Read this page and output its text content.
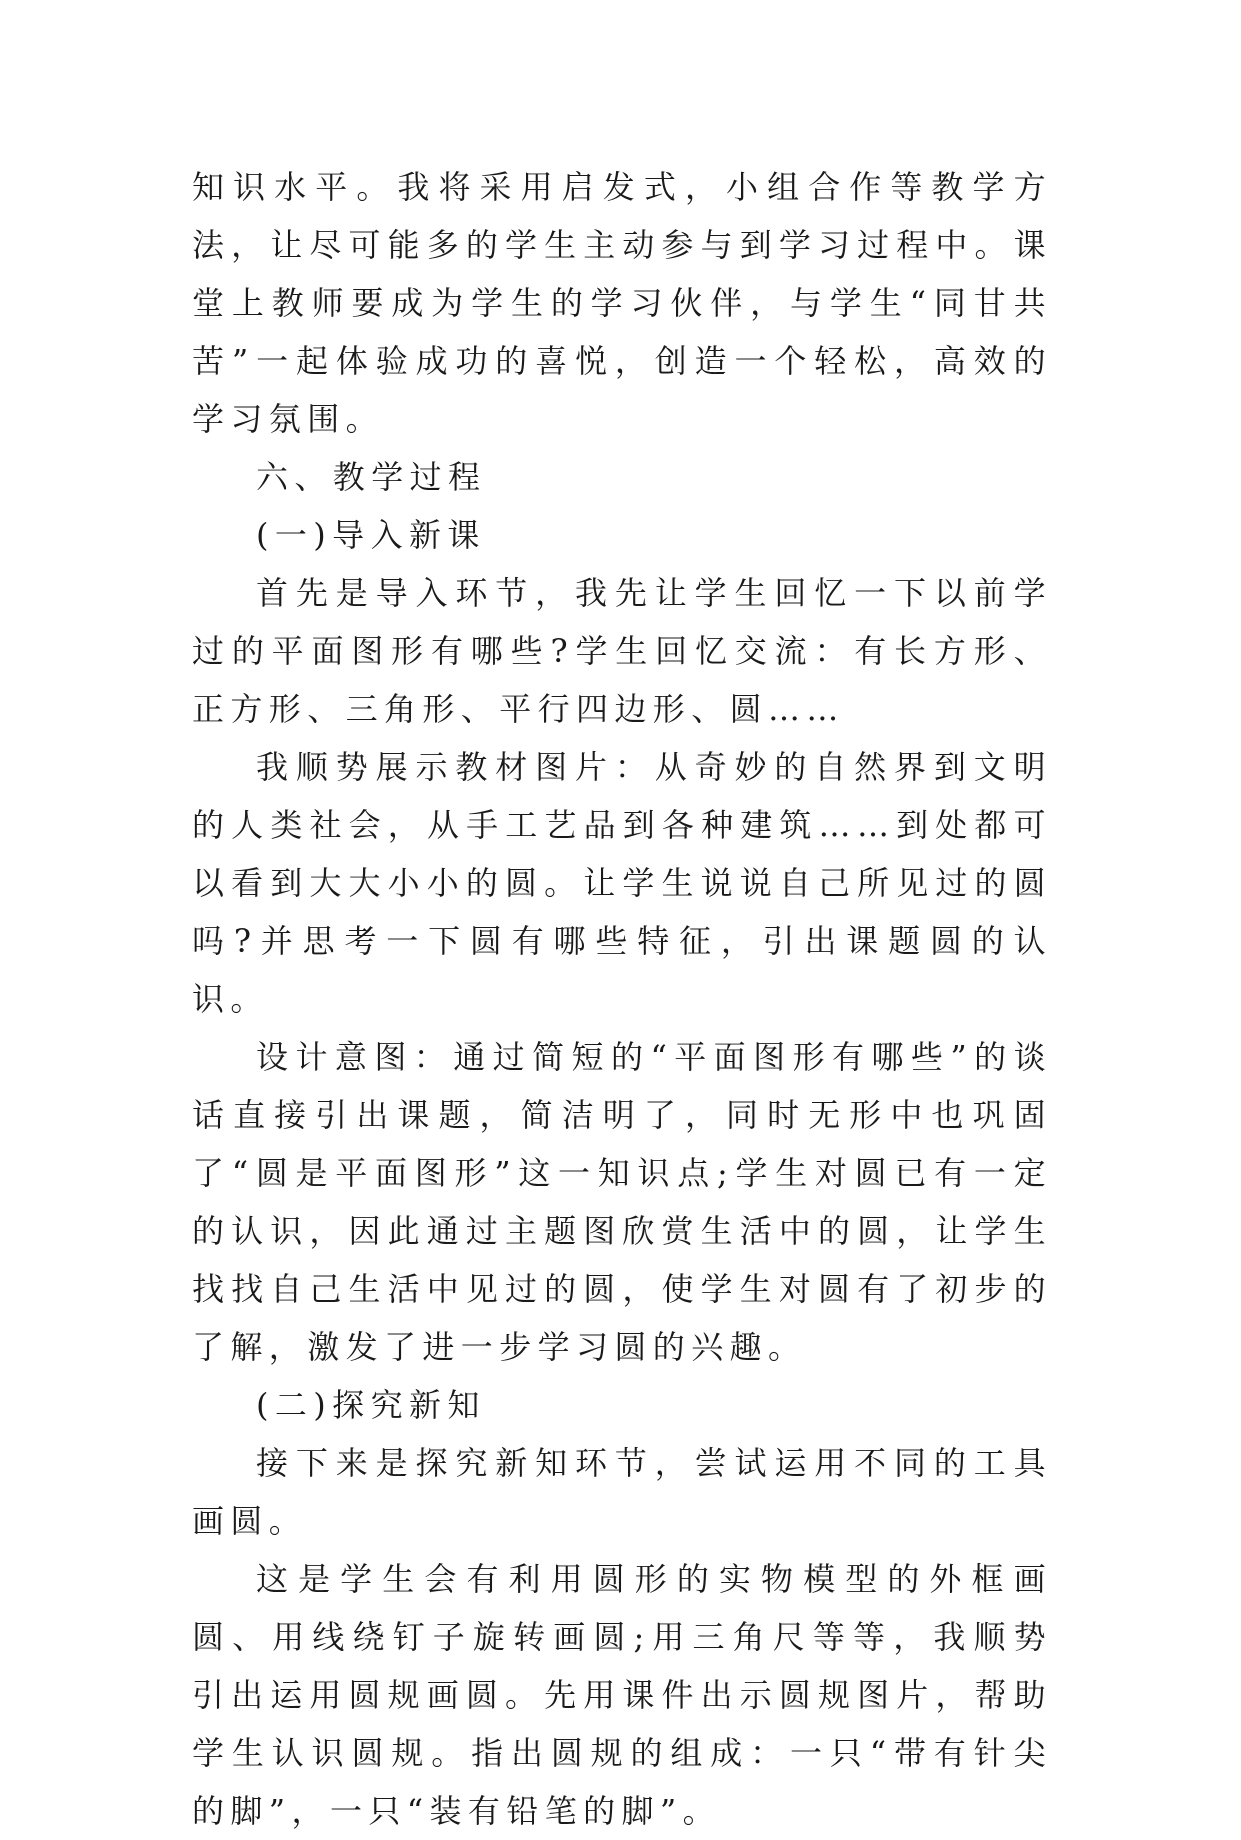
知识水平。我将采用启发式，小组合作等教学方法，让尽可能多的学生主动参与到学习过程中。课堂上教师要成为学生的学习伙伴，与学生“同甘共苦”一起体验成功的喜悦，创造一个轻松，高效的学习氛围。

六、教学过程

(一)导入新课

首先是导入环节，我先让学生回忆一下以前学过的平面图形有哪些?学生回忆交流：有长方形、正方形、三角形、平行四边形、圆……

我顺势展示教材图片：从奇妙的自然界到文明的人类社会，从手工艺品到各种建筑……到处都可以看到大大小小的圆。让学生说说自己所见过的圆吗?并思考一下圆有哪些特征，引出课题圆的认识。

设计意图：通过简短的“平面图形有哪些”的谈话直接引出课题，简洁明了，同时无形中也巩固了“圆是平面图形”这一知识点;学生对圆已有一定的认识，因此通过主题图欣赏生活中的圆，让学生找找自己生活中见过的圆，使学生对圆有了初步的了解，激发了进一步学习圆的兴趣。

(二)探究新知

接下来是探究新知环节，尝试运用不同的工具画圆。

这是学生会有利用圆形的实物模型的外框画圆、用线绕钉子旋转画圆;用三角尺等等，我顺势引出运用圆规画圆。先用课件出示圆规图片，帮助学生认识圆规。指出圆规的组成：一只“带有针尖的脚”，一只“装有铅笔的脚”。
